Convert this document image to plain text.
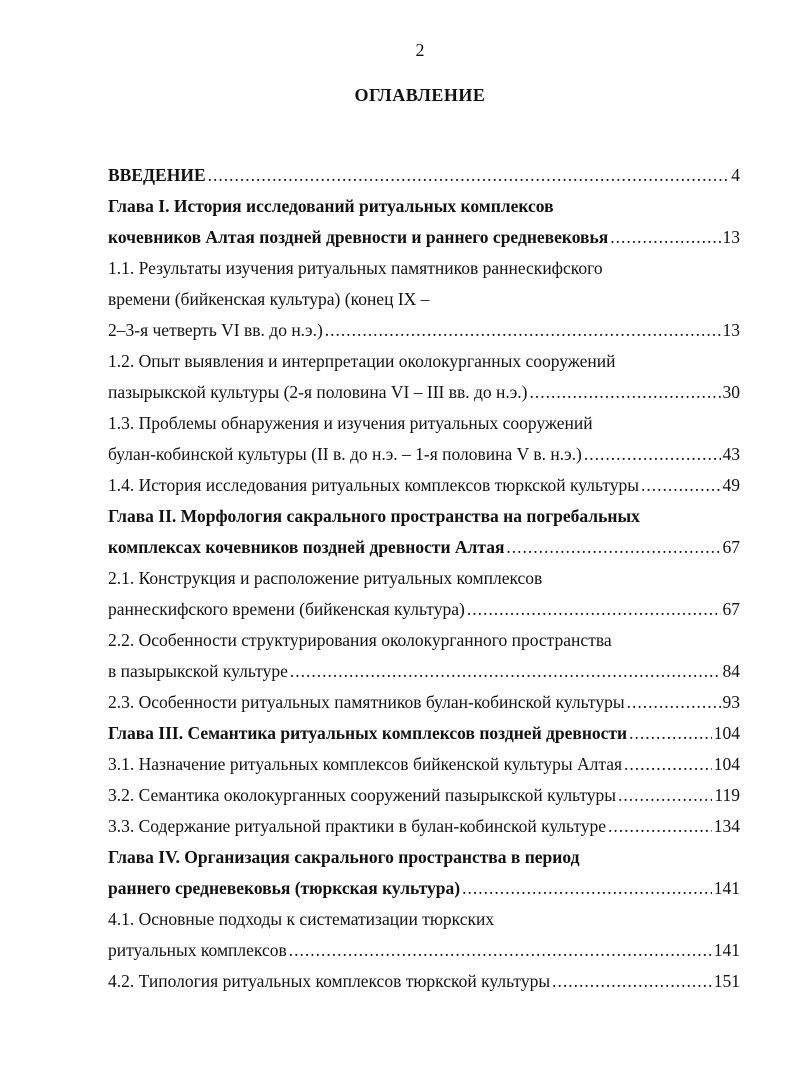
2
ОГЛАВЛЕНИЕ
ВВЕДЕНИЕ .....	4
Глава I. История исследований ритуальных комплексов
кочевников Алтая поздней древности и раннего средневековья .....	13
1.1. Результаты изучения ритуальных памятников раннескифского
времени (бийкенская культура) (конец IX –
2–3-я четверть VI вв. до н.э.) .....	13
1.2. Опыт выявления и интерпретации околокурганных сооружений
пазырыкской культуры (2-я половина VI – III вв. до н.э.) .....	30
1.3. Проблемы обнаружения и изучения ритуальных сооружений
булан-кобинской культуры (II в. до н.э. – 1-я половина V в. н.э.) .....	43
1.4. История исследования ритуальных комплексов тюркской культуры .....	49
Глава II. Морфология сакрального пространства на погребальных
комплексах кочевников поздней древности Алтая .....	67
2.1. Конструкция и расположение ритуальных комплексов
раннескифского времени (бийкенская культура) .....	67
2.2. Особенности структурирования околокурганного пространства
в пазырыкской культуре .....	84
2.3. Особенности ритуальных памятников булан-кобинской культуры .....	93
Глава III. Семантика ритуальных комплексов поздней древности .....	104
3.1. Назначение ритуальных комплексов бийкенской культуры Алтая .....	104
3.2. Семантика околокурганных сооружений пазырыкской культуры .....	119
3.3. Содержание ритуальной практики в булан-кобинской культуре .....	134
Глава IV. Организация сакрального пространства в период
раннего средневековья (тюркская культура) .....	141
4.1. Основные подходы к систематизации тюркских
ритуальных комплексов .....	141
4.2. Типология ритуальных комплексов тюркской культуры .....	151
